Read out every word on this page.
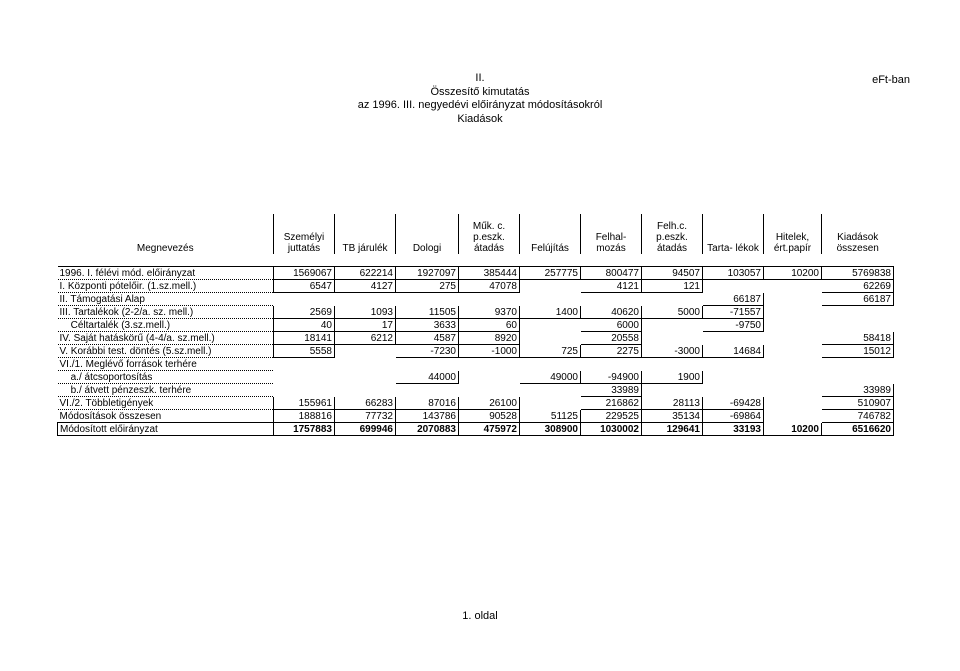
II.
Összesítő kimutatás
az 1996. III. negyedévi előirányzat módosításokról
Kiadások
eFt-ban
Megnevezés	Személyi juttatás	TB járulék	Dologi	Műk. c. p.eszk. átadás	Felújítás	Felhal- mozás	Felh.c. p.eszk. átadás	Tarta- lékok	Hitelek, ért.papír	Kiadások összesen

1996. I. félévi mód. előirányzat	1569067	622214	1927097	385444	257775	800477	94507	103057	10200	5769838
I. Központi pótelőir. (1.sz.mell.)	6547	4127	275	47078		4121	121			62269
II. Támogatási Alap								66187		66187
III. Tartalékok (2-2/a. sz. mell.)	2569	1093	11505	9370	1400	40620	5000	-71557		
Céltartalék (3.sz.mell.)	40	17	3633	60		6000		-9750		
IV. Saját hatáskörű (4-4/a. sz.mell.)	18141	6212	4587	8920		20558				58418
V. Korábbi test. döntés (5.sz.mell.)	5558		-7230	-1000	725	2275	-3000	14684		15012
VI./1. Meglévő források terhére										
a./ átcsoportosítás			44000		49000	-94900	1900			
b./ átvett pénzeszk. terhére						33989				33989
VI./2. Többletigények	155961	66283	87016	26100		216862	28113	-69428		510907
Módosítások összesen	188816	77732	143786	90528	51125	229525	35134	-69864		746782
Módosított előirányzat	1757883	699946	2070883	475972	308900	1030002	129641	33193	10200	6516620
1. oldal
